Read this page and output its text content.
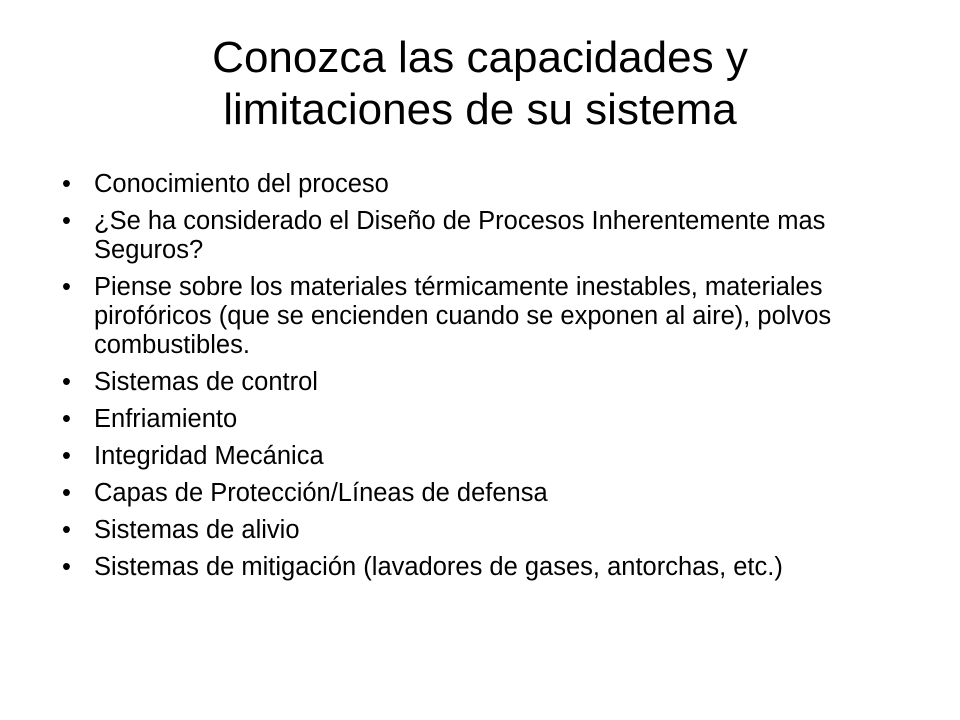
Conozca las capacidades y
limitaciones de su sistema
• Conocimiento del proceso
• ¿Se ha considerado el Diseño de Procesos Inherentemente mas Seguros?
• Piense sobre los materiales térmicamente inestables, materiales pirofóricos (que se encienden cuando se exponen al aire), polvos combustibles.
• Sistemas de control
• Enfriamiento
• Integridad Mecánica
• Capas de Protección/Líneas de defensa
• Sistemas de alivio
• Sistemas de mitigación (lavadores de gases, antorchas, etc.)
